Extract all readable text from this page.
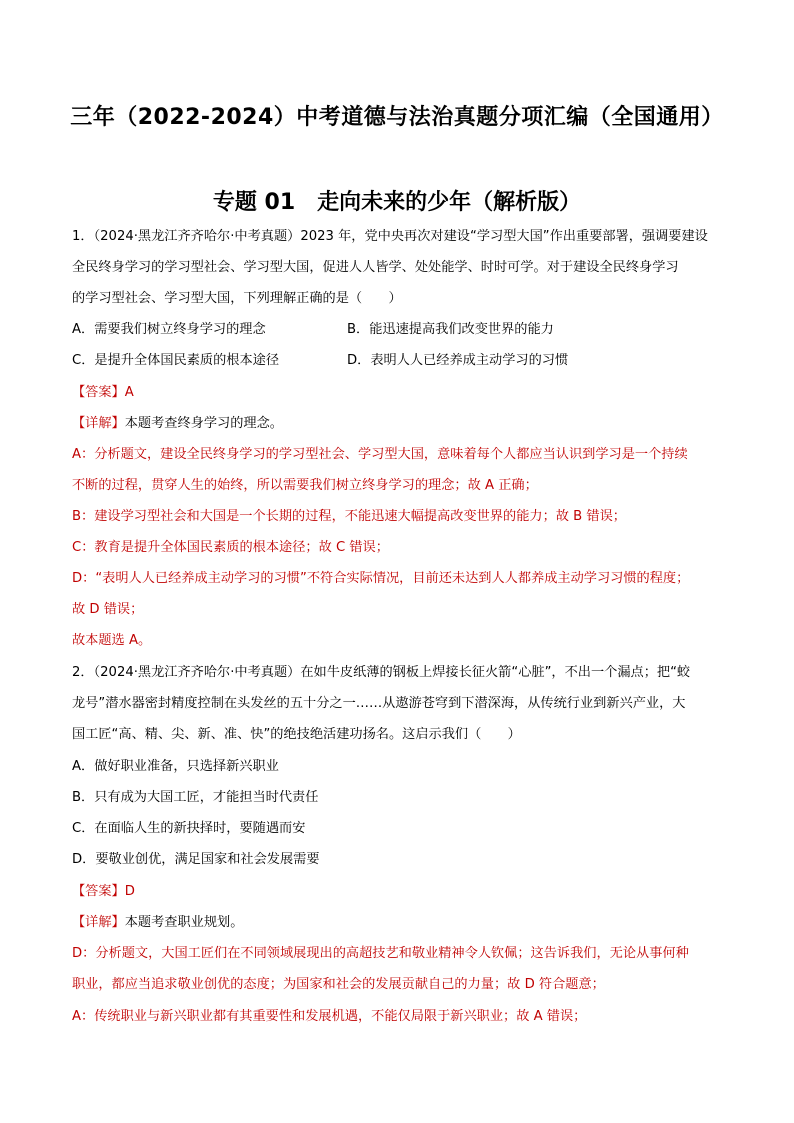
三年（2022-2024）中考道德与法治真题分项汇编（全国通用）
专题 01　走向未来的少年（解析版）
1．（2024·黑龙江齐齐哈尔·中考真题）2023 年，党中央再次对建设“学习型大国”作出重要部署，强调要建设
全民终身学习的学习型社会、学习型大国，促进人人皆学、处处能学、时时可学。对于建设全民终身学习
的学习型社会、学习型大国，下列理解正确的是（　　）
A．需要我们树立终身学习的理念	B．能迅速提高我们改变世界的能力
C．是提升全体国民素质的根本途径	D．表明人人已经养成主动学习的习惯
【答案】A
【详解】本题考查终身学习的理念。
A：分析题文，建设全民终身学习的学习型社会、学习型大国，意味着每个人都应当认识到学习是一个持续
不断的过程，贯穿人生的始终，所以需要我们树立终身学习的理念；故 A 正确；
B：建设学习型社会和大国是一个长期的过程，不能迅速大幅提高改变世界的能力；故 B 错误；
C：教育是提升全体国民素质的根本途径；故 C 错误；
D：“表明人人已经养成主动学习的习惯”不符合实际情况，目前还未达到人人都养成主动学习习惯的程度；
故 D 错误；
故本题选 A。
2．（2024·黑龙江齐齐哈尔·中考真题）在如牛皮纸薄的钢板上焊接长征火箭“心脏”，不出一个漏点；把“蛟
龙号”潜水器密封精度控制在头发丝的五十分之一……从遨游苍穹到下潜深海，从传统行业到新兴产业，大
国工匠“高、精、尖、新、准、快”的绝技绝活建功扬名。这启示我们（　　）
A．做好职业准备，只选择新兴职业
B．只有成为大国工匠，才能担当时代责任
C．在面临人生的新抉择时，要随遇而安
D．要敬业创优，满足国家和社会发展需要
【答案】D
【详解】本题考查职业规划。
D：分析题文，大国工匠们在不同领域展现出的高超技艺和敬业精神令人钦佩；这告诉我们，无论从事何种
职业，都应当追求敬业创优的态度；为国家和社会的发展贡献自己的力量；故 D 符合题意；
A：传统职业与新兴职业都有其重要性和发展机遇，不能仅局限于新兴职业；故 A 错误；
